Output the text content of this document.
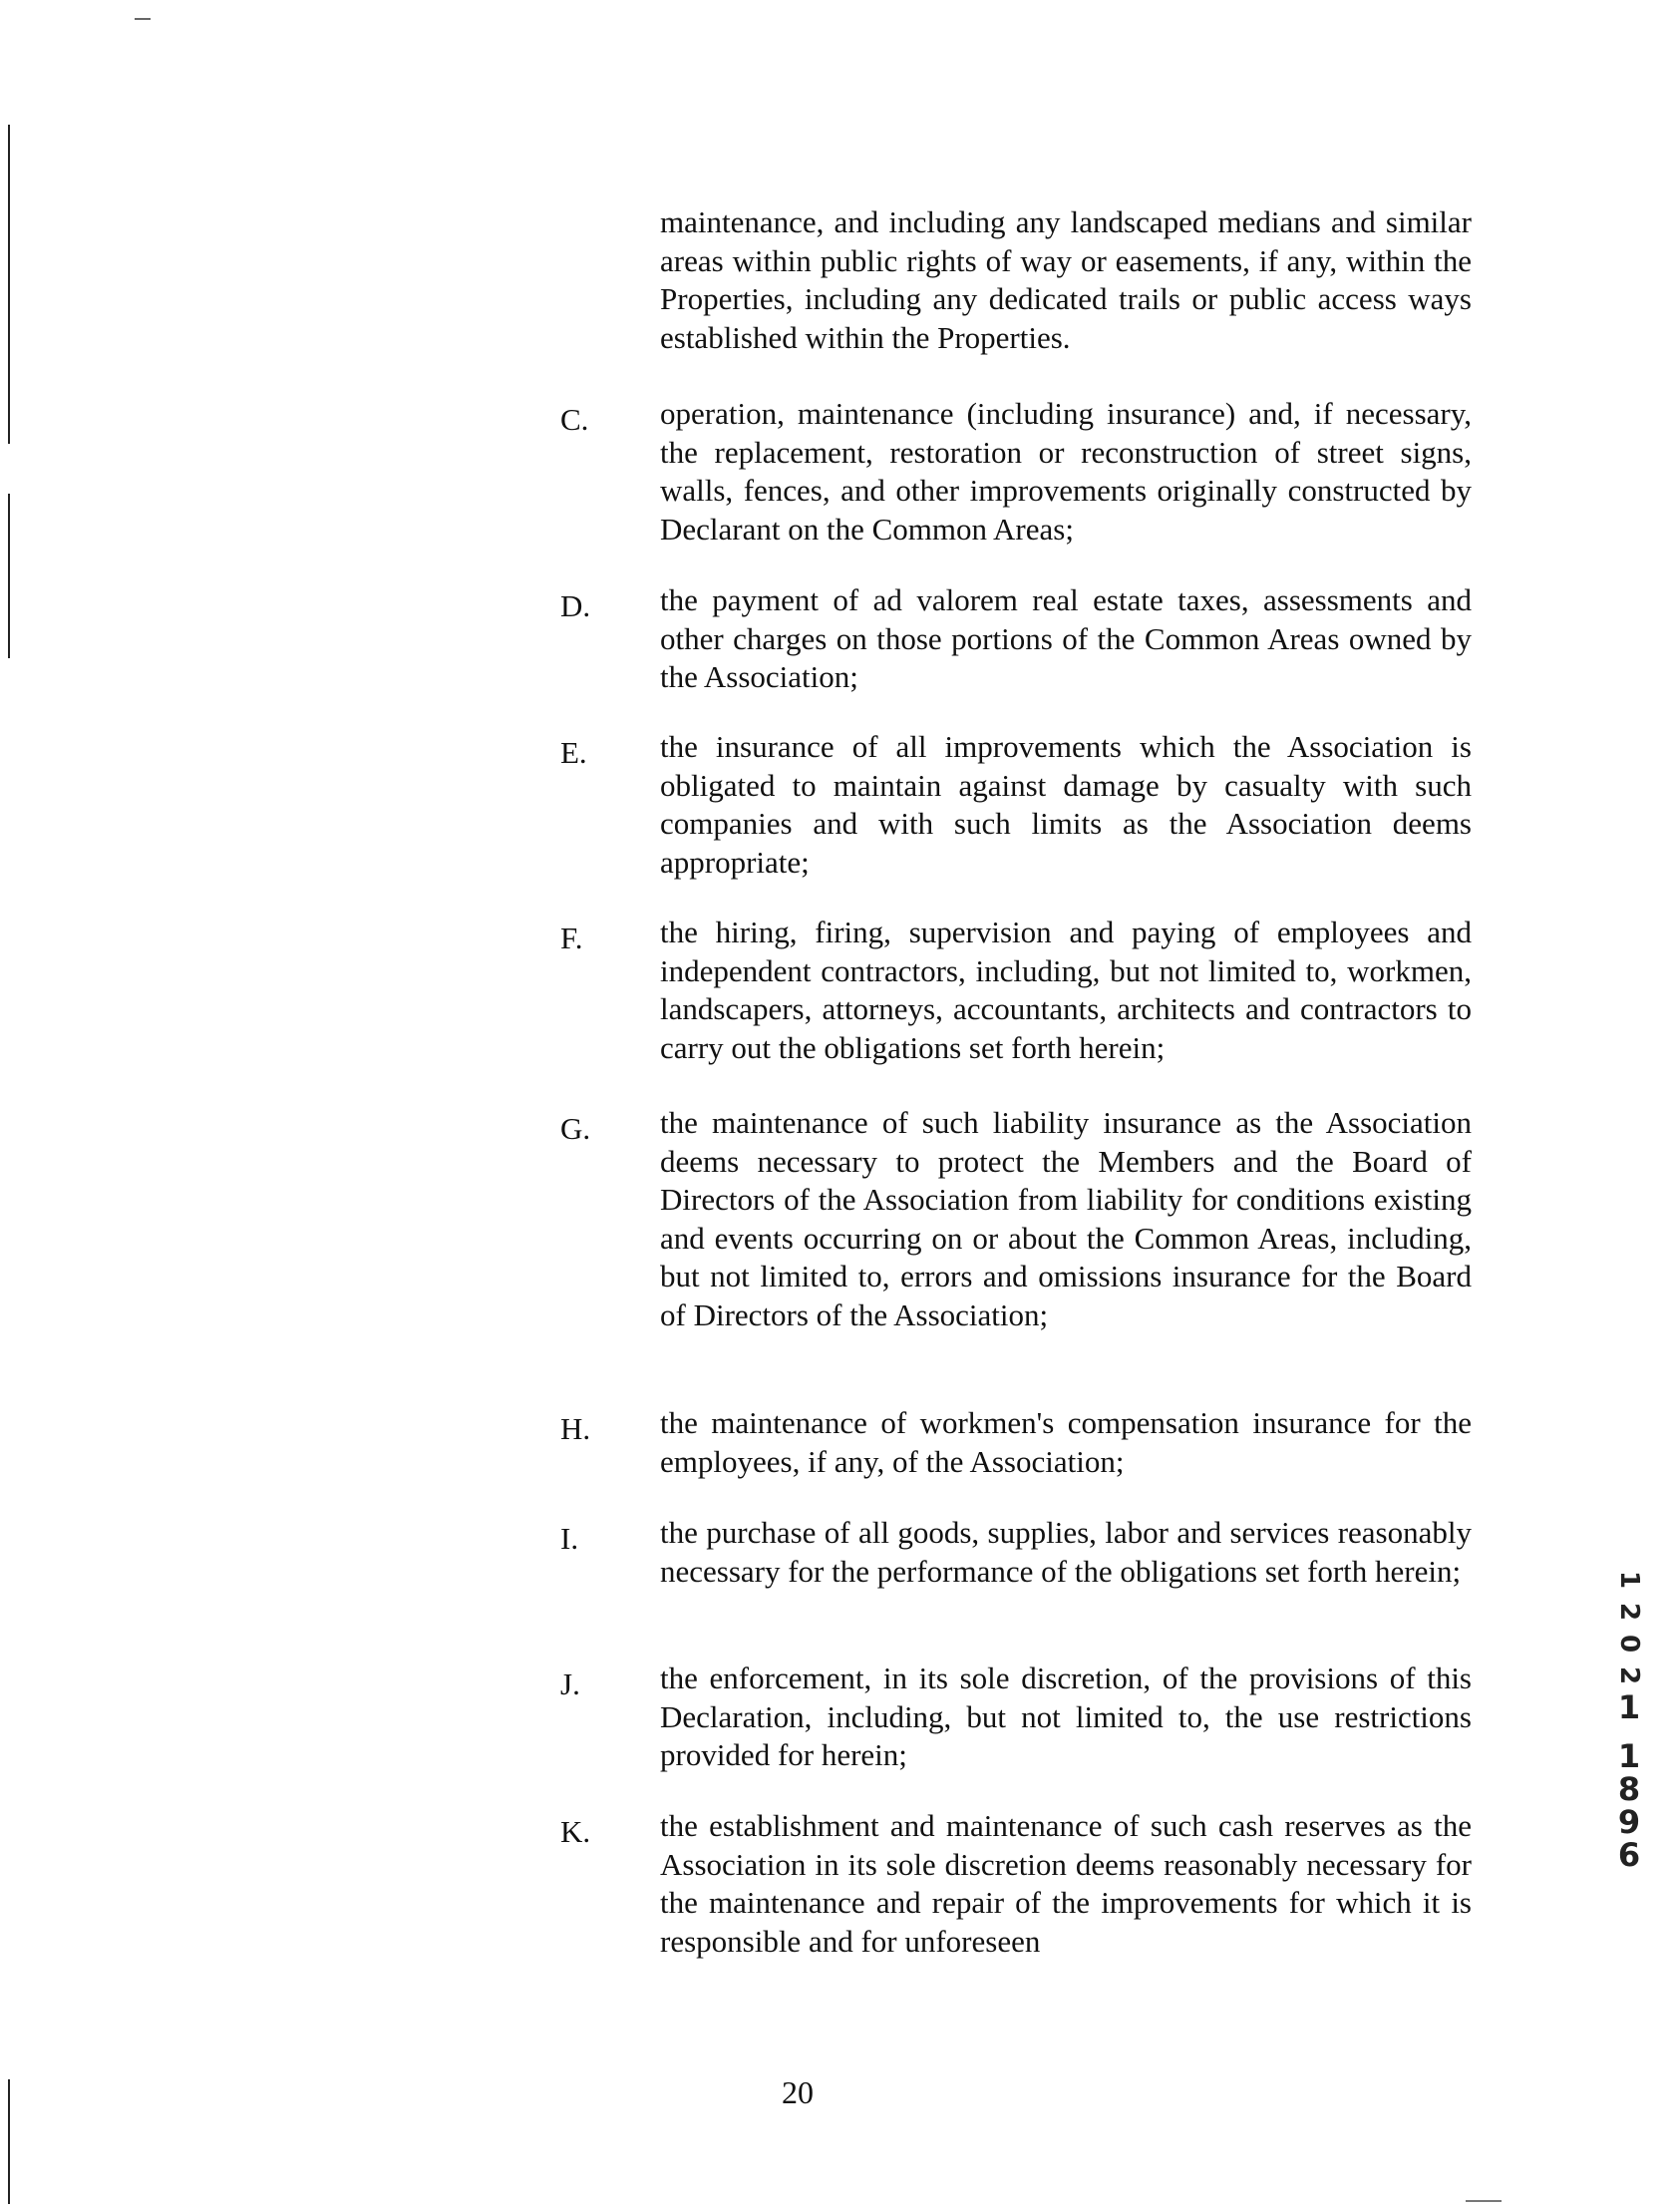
maintenance, and including any landscaped medians and similar areas within public rights of way or easements, if any, within the Properties, including any dedicated trails or public access ways established within the Properties.

C. operation, maintenance (including insurance) and, if necessary, the replacement, restoration or reconstruction of street signs, walls, fences, and other improvements originally constructed by Declarant on the Common Areas;
D. the payment of ad valorem real estate taxes, assessments and other charges on those portions of the Common Areas owned by the Association;
E. the insurance of all improvements which the Association is obligated to maintain against damage by casualty with such companies and with such limits as the Association deems appropriate;
F. the hiring, firing, supervision and paying of employees and independent contractors, including, but not limited to, workmen, landscapers, attorneys, accountants, architects and contractors to carry out the obligations set forth herein;
G. the maintenance of such liability insurance as the Association deems necessary to protect the Members and the Board of Directors of the Association from liability for conditions existing and events occurring on or about the Common Areas, including, but not limited to, errors and omissions insurance for the Board of Directors of the Association;
H. the maintenance of workmen's compensation insurance for the employees, if any, of the Association;
I.	the purchase of all goods, supplies, labor and services reasonably necessary for the performance of the obligations set forth herein;
J.	the enforcement, in its sole discretion, of the provisions of this Declaration, including, but not limited to, the use restrictions provided for herein;
K. the establishment and maintenance of such cash reserves as the Association in its sole discretion deems reasonably necessary for the maintenance and repair of the improvements for which it is responsible and for unforeseen
20
1
2
0
2
1
1
8
9
6
